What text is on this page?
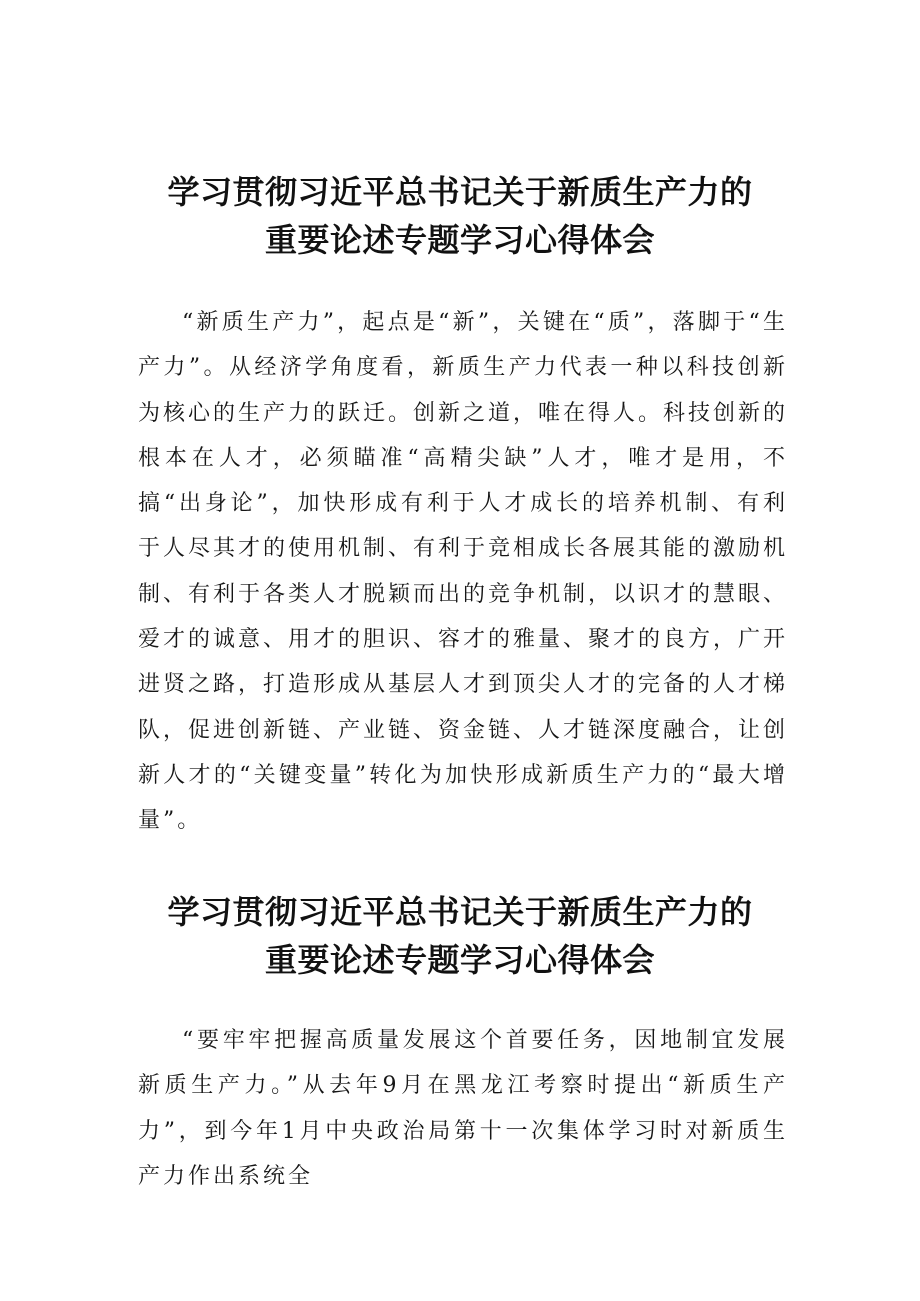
学习贯彻习近平总书记关于新质生产力的
重要论述专题学习心得体会

“新质生产力”，起点是“新”，关键在“质”，落脚于“生产力”。从经济学角度看，新质生产力代表一种以科技创新为核心的生产力的跃迁。创新之道，唯在得人。科技创新的根本在人才，必须瞄准“高精尖缺”人才，唯才是用，不搞“出身论”，加快形成有利于人才成长的培养机制、有利于人尽其才的使用机制、有利于竞相成长各展其能的激励机制、有利于各类人才脱颖而出的竞争机制，以识才的慧眼、爱才的诚意、用才的胆识、容才的雅量、聚才的良方，广开进贤之路，打造形成从基层人才到顶尖人才的完备的人才梯队，促进创新链、产业链、资金链、人才链深度融合，让创新人才的“关键变量”转化为加快形成新质生产力的“最大增量”。

学习贯彻习近平总书记关于新质生产力的
重要论述专题学习心得体会

“要牢牢把握高质量发展这个首要任务，因地制宜发展新质生产力。”从去年9月在黑龙江考察时提出“新质生产力”，到今年1月中央政治局第十一次集体学习时对新质生产力作出系统全
